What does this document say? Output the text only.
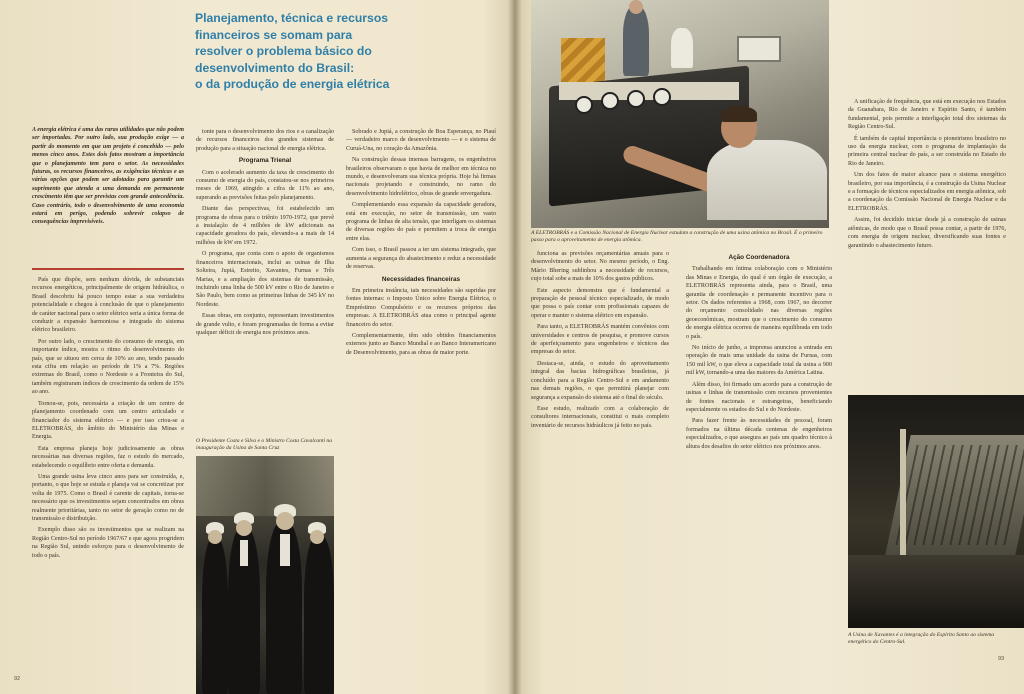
Planejamento, técnica e recursos
financeiros se somam para
resolver o problema básico do
desenvolvimento do Brasil:
o da produção de energia elétrica

A energia elétrica é uma das raras utilidades que não podem ser importadas. Por outro lado, sua produção exige — a partir do momento em que um projeto é concebido — pelo menos cinco anos. Estes dois fatos mostram a importância que o planejamento tem para o setor. As necessidades futuras, os recursos financeiros, as exigências técnicas e as várias opções que podem ser adotadas para garantir um suprimento que atenda a uma demanda em permanente crescimento têm que ser previstas com grande antecedência. Caso contrário, todo o desenvolvimento de uma economia estará em perigo, podendo sobrevir colapso de consequências imprevisíveis.

País que dispõe, sem nenhum dúvida, de substanciais recursos energéticos, principalmente de origem hidráulica, o Brasil descobriu há pouco tempo estar a sua verdadeira potencialidade e chegou à conclusão de que o planejamento de caráter nacional para o setor elétrico seria a única forma de conduzir a expansão harmoniosa e integrada do sistema elétrico brasileiro.

Por outro lado, o crescimento do consumo de energia, em importante índice, mostra o ritmo do desenvolvimento do país, que se situou em cerca de 10% ao ano, tendo passado esta cifra em relação ao período de 1% a 7%. Regiões extremas do Brasil, como o Nordeste e a Fronteira do Sul, também registraram índices de crescimento da ordem de 15% ao ano.

Tornou-se, pois, necessária a criação de um centro de planejamento coordenado com um centro articulado e financiador do sistema elétrico — e por isso criou-se a ELETROBRÁS, do âmbito do Ministério das Minas e Energia.

Esta empresa planeja hoje judiciosamente as obras necessárias nas diversas regiões, faz o estudo do mercado, estabelecendo o equilíbrio entre oferta e demanda.

Uma grande usina leva cinco anos para ser construída, e, portanto, o que hoje se estuda e planeja vai se concretizar por volta de 1975. Como o Brasil é carente de capitais, torna-se necessário que os investimentos sejam concentrados em obras realmente prioritárias, tanto no setor de geração como no de transmissão e distribuição.

Exemplo disso são os investimentos que se realizam na Região Centro-Sul no período 1967/67 e que agora progridem na Região Sul, unindo esforços para o desenvolvimento de todo o país.

tonte para o desenvolvimento dos rios e a canalização de recursos financeiros dos grandes sistemas de produção para a situação nacional de energia elétrica.

Programa Trienal

Com o acelerado aumento da taxa de crescimento do consumo de energia do país, constatou-se nos primeiros meses de 1969, atingido a cifra de 11% ao ano, superando as previsões feitas pelo planejamento.

Diante das perspectivas, foi estabelecido um programa de obras para o triênio 1970-1972, que prevê a instalação de 4 milhões de kW adicionais na capacidade geradora do país, elevando-a a mais de 14 milhões de kW em 1972.

O programa, que conta com o apoio de organismos financeiros internacionais, inclui as usinas de Ilha Solteira, Jupiá, Estreito, Xavantes, Furnas e Três Marias, e a ampliação dos sistemas de transmissão, incluindo uma linha de 500 kV entre o Rio de Janeiro e São Paulo, bem como as primeiras linhas de 345 kV no Nordeste.

Essas obras, em conjunto, representam investimentos de grande vulto, e foram programadas de forma a evitar qualquer déficit de energia nos próximos anos.

O Presidente Costa e Silva e o Ministro Costa Cavalcanti na inauguração da Usina de Santa Cruz
92
A ELETROBRÁS e a Comissão Nacional de Energia Nuclear estudam a construção de uma usina atômica no Brasil. É o primeiro passo para o aproveitamento de energia atômica.

funciona as previsões orçamentárias anuais para o desenvolvimento do setor. No mesmo período, o Eng. Mário Bhering sublinhou a necessidade de recursos, cujo total sobe a mais de 10% dos gastos públicos.

Este aspecto demonstra que é fundamental a preparação de pessoal técnico especializado, de modo que possa o país contar com profissionais capazes de operar e manter o sistema elétrico em expansão.

Para tanto, a ELETROBRÁS mantém convênios com universidades e centros de pesquisa, e promove cursos de aperfeiçoamento para engenheiros e técnicos das empresas do setor.

Destaca-se, ainda, o estudo do aproveitamento integral das bacias hidrográficas brasileiras, já concluído para a Região Centro-Sul e em andamento nas demais regiões, o que permitirá planejar com segurança a expansão do sistema até o final do século.

Esse estudo, realizado com a colaboração de consultores internacionais, constitui o mais completo inventário de recursos hidráulicos já feito no país.

Ação Coordenadora

Trabalhando em íntima colaboração com o Ministério das Minas e Energia, do qual é um órgão de execução, a ELETROBRÁS representa ainda, para o Brasil, uma garantia de coordenação e permanente incentivo para o setor. Os dados referentes a 1968, com 1967, no decorrer do orçamento consolidado nas diversas regiões geoeconômicas, mostram que o crescimento do consumo de energia elétrica ocorreu de maneira equilibrada em todo o país.

No início de junho, a imprensa anunciou a entrada em operação de mais uma unidade da usina de Furnas, com 150 mil kW, o que eleva a capacidade total da usina a 900 mil kW, tornando-a uma das maiores da América Latina.

Além disso, foi firmado um acordo para a construção de usinas e linhas de transmissão com recursos provenientes de fontes nacionais e estrangeiras, beneficiando especialmente os estados do Sul e do Nordeste.

Para fazer frente às necessidades de pessoal, foram formados na última década centenas de engenheiros especializados, o que assegura ao país um quadro técnico à altura dos desafios do setor elétrico nos próximos anos.

A unificação de frequência, que está em execução nos Estados da Guanabara, Rio de Janeiro e Espírito Santo, é também fundamental, pois permite a interligação total dos sistemas da Região Centro-Sul.

É também de capital importância o pioneirismo brasileiro no uso da energia nuclear, com o programa de implantação da primeira central nuclear do país, a ser construída no Estado do Rio de Janeiro.

Um dos fatos de maior alcance para o sistema energético brasileiro, por sua importância, é a construção da Usina Nuclear e a formação de técnicos especializados em energia atômica, sob a coordenação da Comissão Nacional de Energia Nuclear e da ELETROBRÁS.

Assim, foi decidido iniciar desde já a construção de usinas atômicas, de modo que o Brasil possa contar, a partir de 1976, com energia de origem nuclear, diversificando suas fontes e garantindo o abastecimento futuro.

A Usina de Xavantes é a integração do Espírito Santo ao sistema energético do Centro-Sul.
93

Sobrado e Jupiá, a construção de Boa Esperança, no Piauí — verdadeiro marco de desenvolvimento — e o sistema de Curuá-Una, no coração da Amazônia.

Na construção dessas imensas barragens, os engenheiros brasileiros observaram o que havia de melhor em técnica no mundo, e desenvolveram sua técnica própria. Hoje há firmas nacionais projetando e construindo, no ramo do desenvolvimento hidrelétrico, obras de grande envergadura.

Complementando essa expansão da capacidade geradora, está em execução, no setor de transmissão, um vasto programa de linhas de alta tensão, que interligam os sistemas de diversas regiões do país e permitem a troca de energia entre elas.

Com isso, o Brasil passou a ter um sistema integrado, que aumenta a segurança do abastecimento e reduz a necessidade de reservas.

Necessidades financeiras

Em primeira instância, tais necessidades são supridas por fontes internas: o Imposto Único sobre Energia Elétrica, o Empréstimo Compulsório e os recursos próprios das empresas. A ELETROBRÁS atua como o principal agente financeiro do setor.

Complementarmente, têm sido obtidos financiamentos externos junto ao Banco Mundial e ao Banco Interamericano de Desenvolvimento, para as obras de maior porte.
